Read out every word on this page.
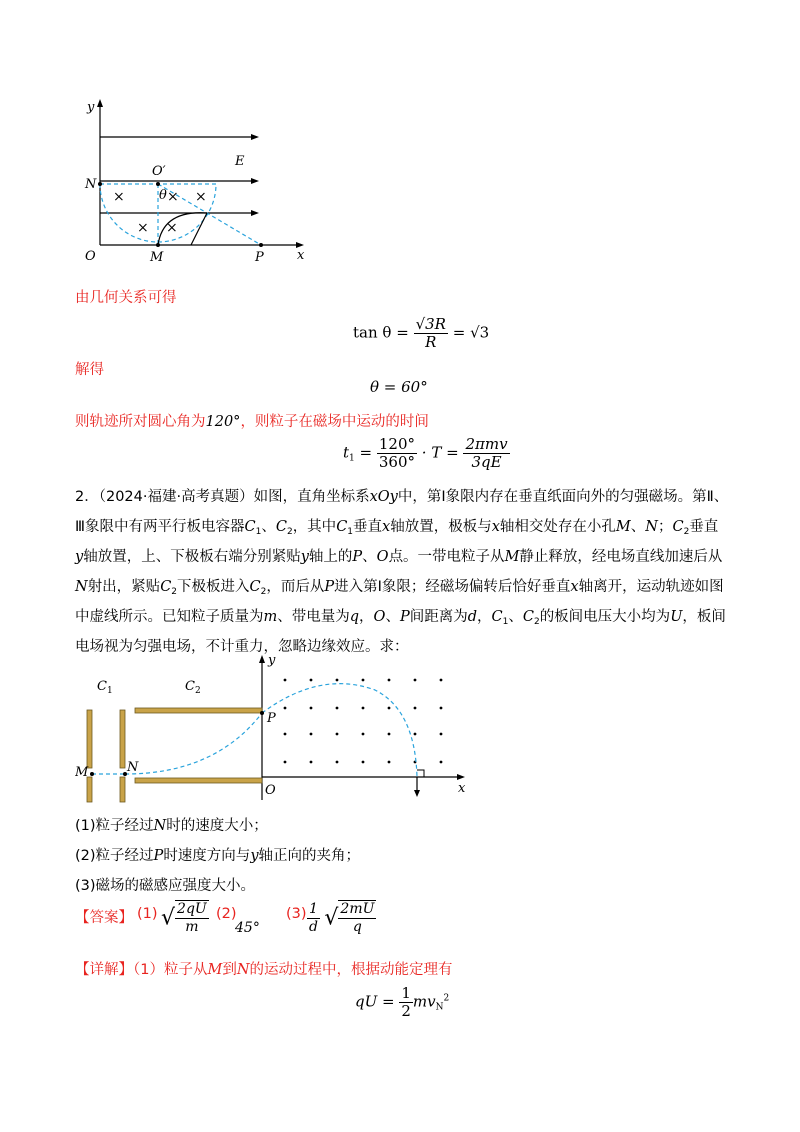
×	× ×
× ×
y
O′
E
N
θ
O	M	P	x
由几何关系可得
$\tan \theta = \frac{√3R}{R} = √3$
解得
θ = 60°
则轨迹所对圆心角为120°，则粒子在磁场中运动的时间
$t_1 = \frac{120^\circ}{360^\circ} \cdot T = \frac{\text{2πmv}}{3qE}$
2．（2024·福建·高考真题）如图，直角坐标系xOy中，第Ⅰ象限内存在垂直纸面向外的匀强磁场。第Ⅱ、
Ⅲ象限中有两平行板电容器$C_1$、$C_2$，其中$C_1$垂直x轴放置，极板与x轴相交处存在小孔M、N；$C_2$垂直
y轴放置，上、下极板右端分别紧贴y轴上的P、O点。一带电粒子从M静止释放，经电场直线加速后从
N射出，紧贴$C_2$下极板进入$C_2$，而后从P进入第Ⅰ象限；经磁场偏转后恰好垂直x轴离开，运动轨迹如图
中虚线所示。已知粒子质量为m、带电量为q，O、P间距离为d，$C_1$、$C_2$的板间电压大小均为U，板间
电场视为匀强电场，不计重力，忽略边缘效应。求：
y
$C_1$	$C_2$
P
M	N
O	x
(1)粒子经过N时的速度大小；
(2)粒子经过P时速度方向与y轴正向的夹角；
(3)磁场的磁感应强度大小。
【答案】 (1) √ $\frac{2qU}{m} (2)$
45°
$(3) \frac{1}{d}$ √ $\frac{2mU}{q}$
【详解】（1）粒子从M到N的运动过程中，根据动能定理有
qU = $\frac{1}{2} mv_N^2$
